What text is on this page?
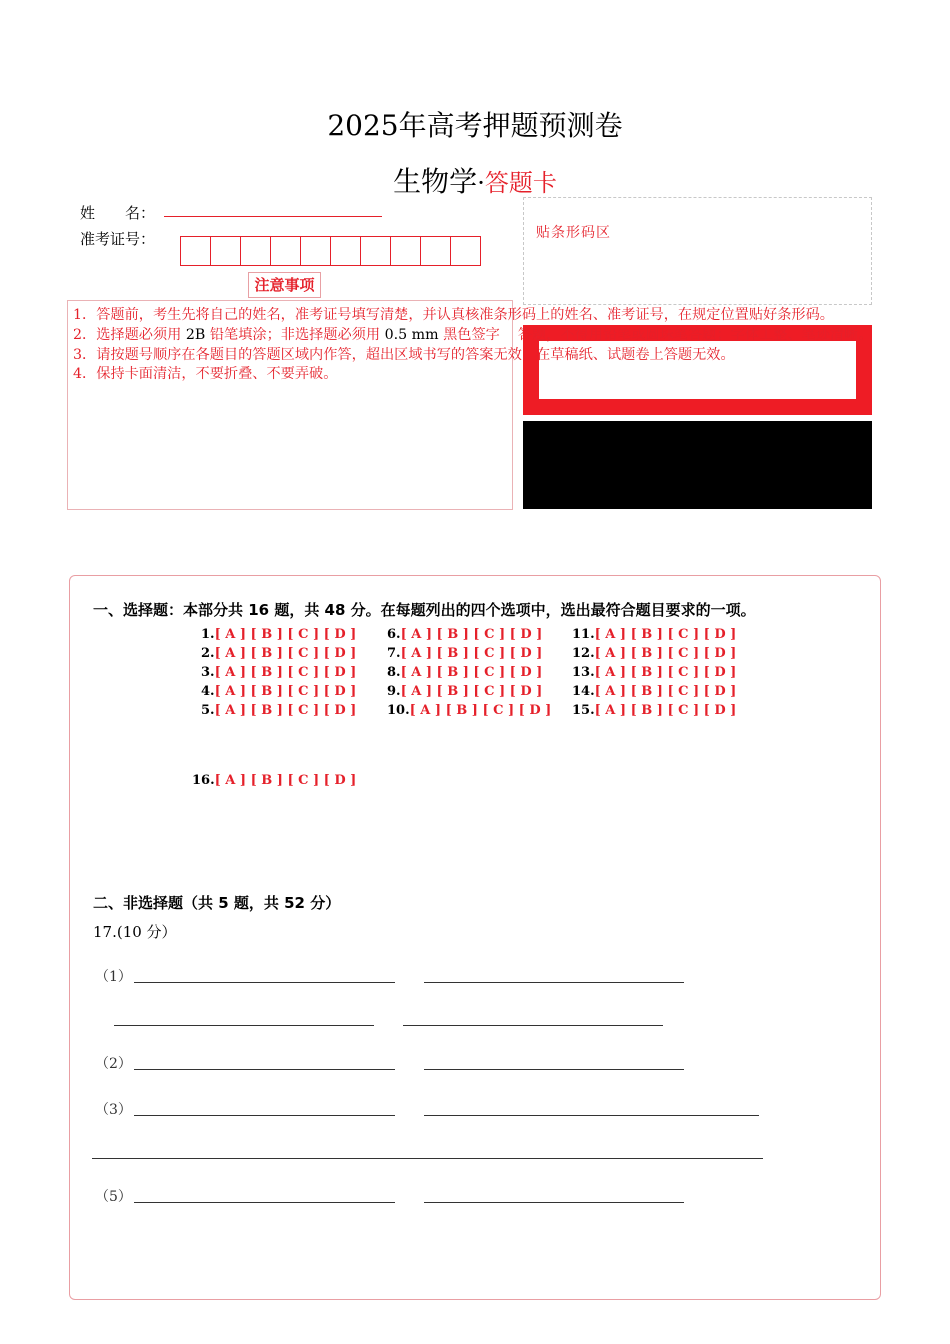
2025年高考押题预测卷
生物学·答题卡
姓　　名：
准考证号：
注意事项
1．答题前，考生先将自己的姓名，准考证号填写清楚，并认真核准条形码上的姓名、准考证号，在规定位置贴好条形码。
2．选择题必须用 2B 铅笔填涂；非选择题必须用 0.5 mm 黑色签字 答题，不得用铅笔或圆珠笔答题；字体工整、笔迹清晰。
3．请按题号顺序在各题目的答题区域内作答，超出区域书写的答案无效；在草稿纸、试题卷上答题无效。
4．保持卡面清洁，不要折叠、不要弄破。
贴条形码区
一、选择题：本部分共 16 题，共 48 分。在每题列出的四个选项中，选出最符合题目要求的一项。
1.[ A ] [ B ] [ C ] [ D ]
2.[ A ] [ B ] [ C ] [ D ]
3.[ A ] [ B ] [ C ] [ D ]
4.[ A ] [ B ] [ C ] [ D ]
5.[ A ] [ B ] [ C ] [ D ]
6.[ A ] [ B ] [ C ] [ D ]
7.[ A ] [ B ] [ C ] [ D ]
8.[ A ] [ B ] [ C ] [ D ]
9.[ A ] [ B ] [ C ] [ D ]
10.[ A ] [ B ] [ C ] [ D ]
11.[ A ] [ B ] [ C ] [ D ]
12.[ A ] [ B ] [ C ] [ D ]
13.[ A ] [ B ] [ C ] [ D ]
14.[ A ] [ B ] [ C ] [ D ]
15.[ A ] [ B ] [ C ] [ D ]
16.[ A ] [ B ] [ C ] [ D ]
二、非选择题（共 5 题，共 52 分）
17.(10 分）
（1）
（2）
（3）
（5）
